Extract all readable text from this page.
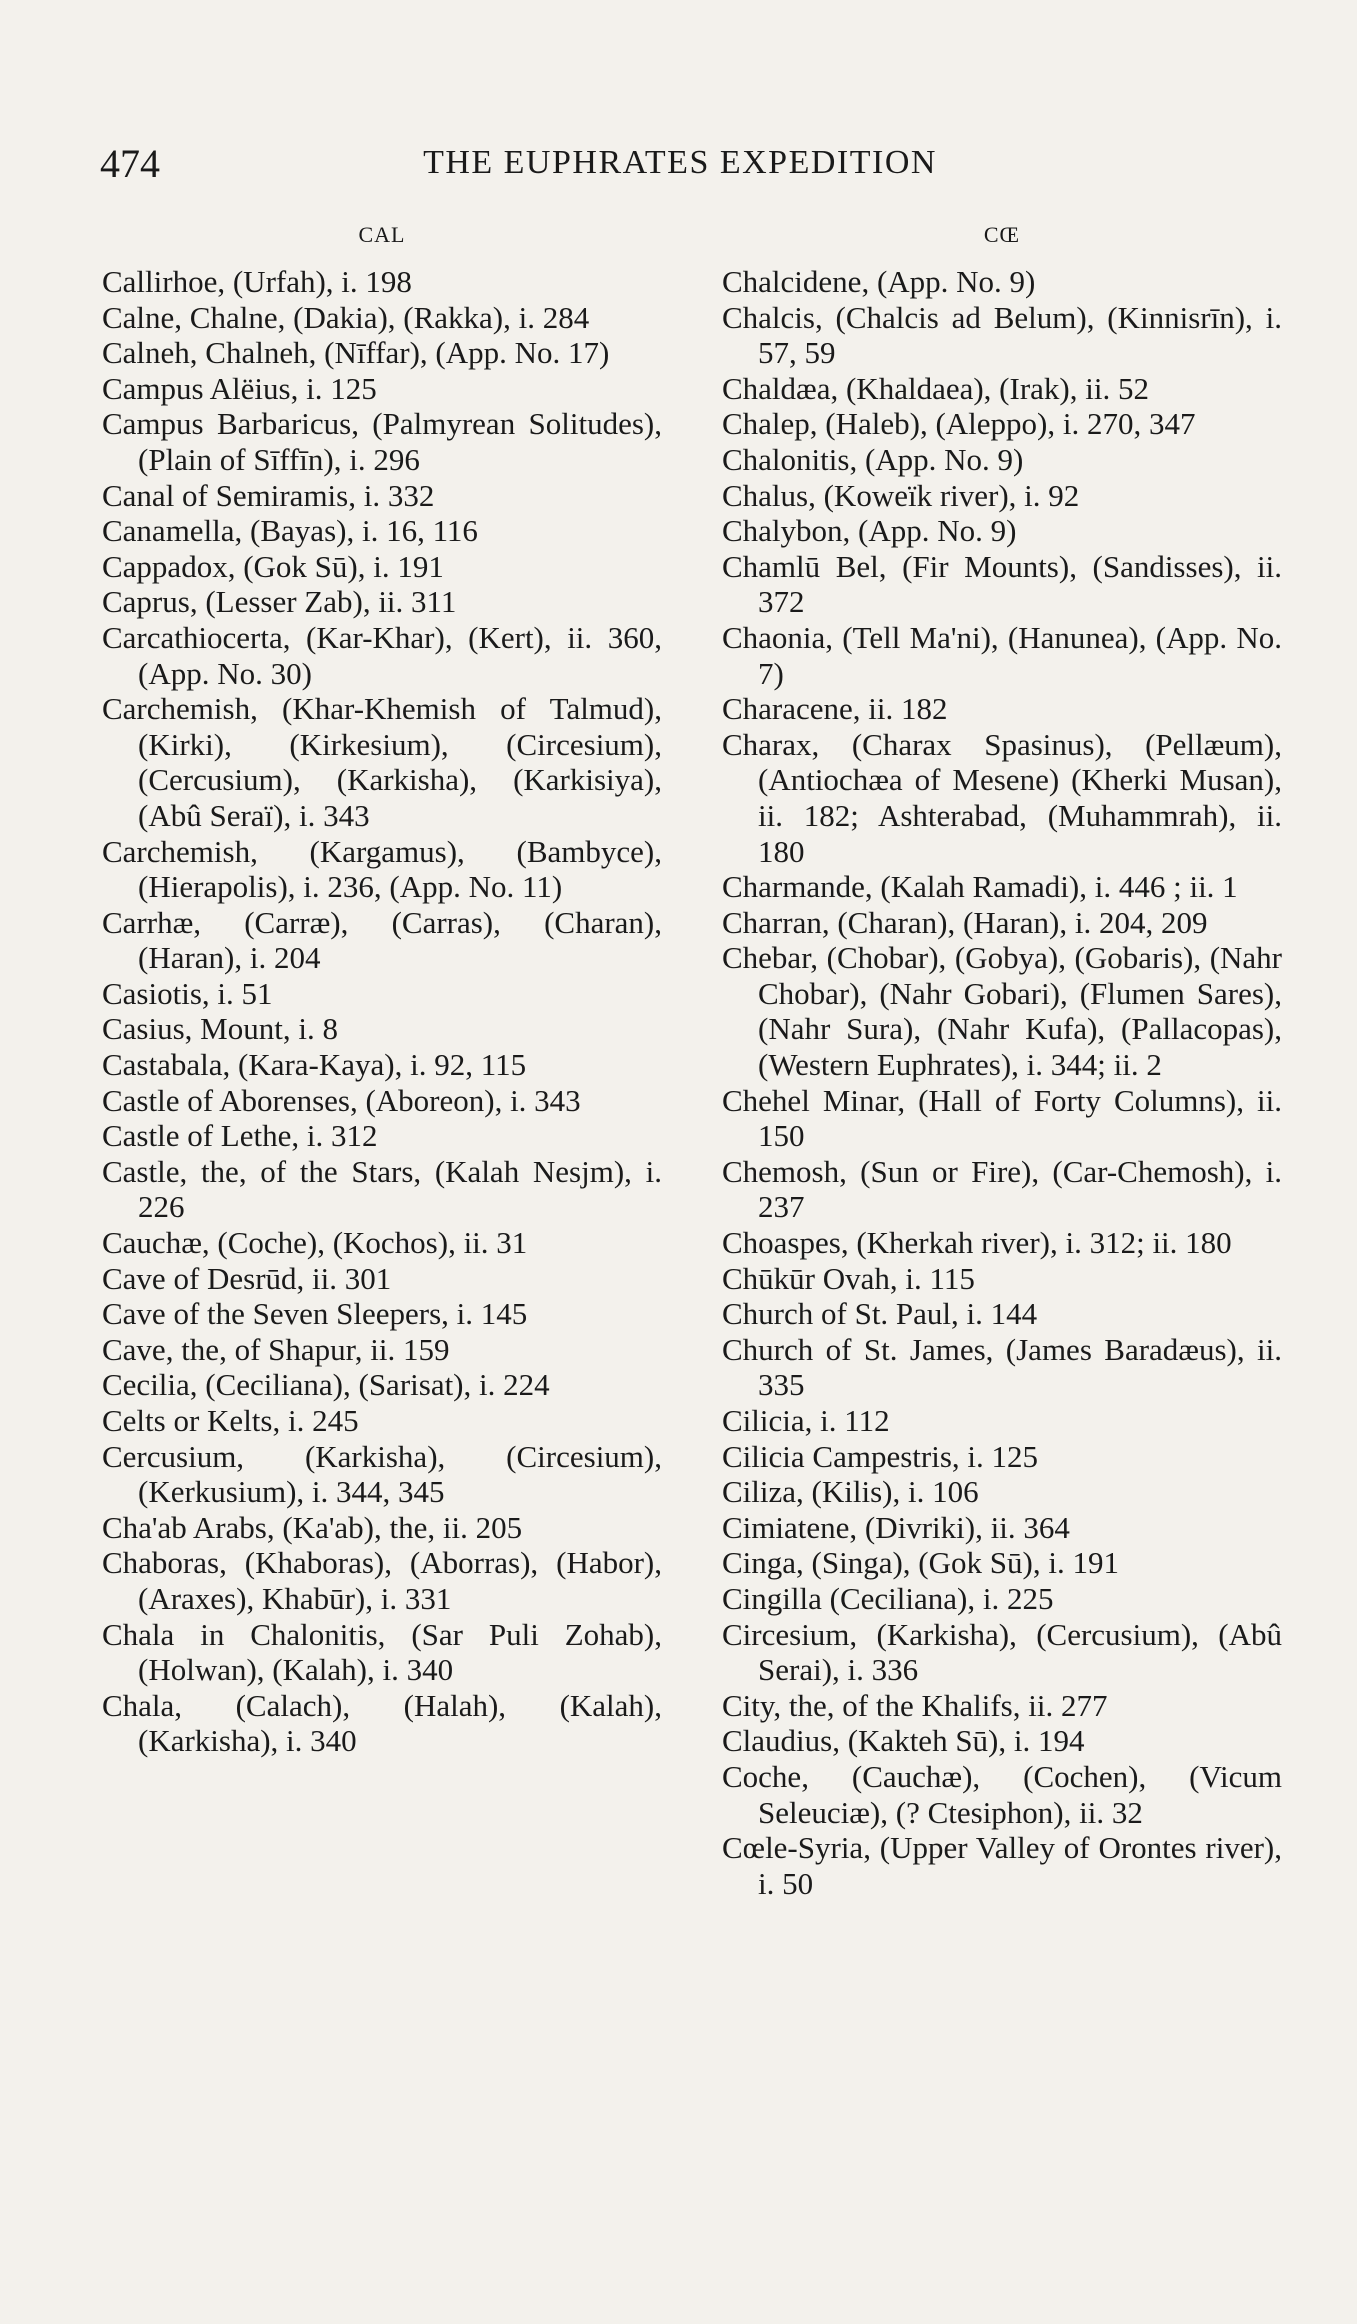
474	THE EUPHRATES EXPEDITION
CAL
Callirhoe, (Urfah), i. 198
Calne, Chalne, (Dakia), (Rakka), i. 284
Calneh, Chalneh, (Nīffar), (App. No. 17)
Campus Alëius, i. 125
Campus Barbaricus, (Palmyrean Solitudes), (Plain of Sīffīn), i. 296
Canal of Semiramis, i. 332
Canamella, (Bayas), i. 16, 116
Cappadox, (Gok Sū), i. 191
Caprus, (Lesser Zab), ii. 311
Carcathiocerta, (Kar-Khar), (Kert), ii. 360, (App. No. 30)
Carchemish, (Khar-Khemish of Talmud), (Kirki), (Kirkesium), (Circesium), (Cercusium), (Karkisha), (Karkisiya), (Abû Seraï), i. 343
Carchemish, (Kargamus), (Bambyce), (Hierapolis), i. 236, (App. No. 11)
Carrhæ, (Carræ), (Carras), (Charan), (Haran), i. 204
Casiotis, i. 51
Casius, Mount, i. 8
Castabala, (Kara-Kaya), i. 92, 115
Castle of Aborenses, (Aboreon), i. 343
Castle of Lethe, i. 312
Castle, the, of the Stars, (Kalah Nesjm), i. 226
Cauchæ, (Coche), (Kochos), ii. 31
Cave of Desrūd, ii. 301
Cave of the Seven Sleepers, i. 145
Cave, the, of Shapur, ii. 159
Cecilia, (Ceciliana), (Sarisat), i. 224
Celts or Kelts, i. 245
Cercusium, (Karkisha), (Circesium), (Kerkusium), i. 344, 345
Cha'ab Arabs, (Ka'ab), the, ii. 205
Chaboras, (Khaboras), (Aborras), (Habor), (Araxes), Khabūr), i. 331
Chala in Chalonitis, (Sar Puli Zohab), (Holwan), (Kalah), i. 340
Chala, (Calach), (Halah), (Kalah), (Karkisha), i. 340
CŒ
Chalcidene, (App. No. 9)
Chalcis, (Chalcis ad Belum), (Kinnisrīn), i. 57, 59
Chaldæa, (Khaldaea), (Irak), ii. 52
Chalep, (Haleb), (Aleppo), i. 270, 347
Chalonitis, (App. No. 9)
Chalus, (Koweïk river), i. 92
Chalybon, (App. No. 9)
Chamlū Bel, (Fir Mounts), (Sandisses), ii. 372
Chaonia, (Tell Ma'ni), (Hanunea), (App. No. 7)
Characene, ii. 182
Charax, (Charax Spasinus), (Pellæum), (Antiochæa of Mesene) (Kherki Musan), ii. 182; Ashterabad, (Muhammrah), ii. 180
Charmande, (Kalah Ramadi), i. 446 ; ii. 1
Charran, (Charan), (Haran), i. 204, 209
Chebar, (Chobar), (Gobya), (Gobaris), (Nahr Chobar), (Nahr Gobari), (Flumen Sares), (Nahr Sura), (Nahr Kufa), (Pallacopas), (Western Euphrates), i. 344; ii. 2
Chehel Minar, (Hall of Forty Columns), ii. 150
Chemosh, (Sun or Fire), (Car-Chemosh), i. 237
Choaspes, (Kherkah river), i. 312; ii. 180
Chūkūr Ovah, i. 115
Church of St. Paul, i. 144
Church of St. James, (James Baradæus), ii. 335
Cilicia, i. 112
Cilicia Campestris, i. 125
Ciliza, (Kilis), i. 106
Cimiatene, (Divriki), ii. 364
Cinga, (Singa), (Gok Sū), i. 191
Cingilla (Ceciliana), i. 225
Circesium, (Karkisha), (Cercusium), (Abû Serai), i. 336
City, the, of the Khalifs, ii. 277
Claudius, (Kakteh Sū), i. 194
Coche, (Cauchæ), (Cochen), (Vicum Seleuciæ), (? Ctesiphon), ii. 32
Cœle-Syria, (Upper Valley of Orontes river), i. 50
